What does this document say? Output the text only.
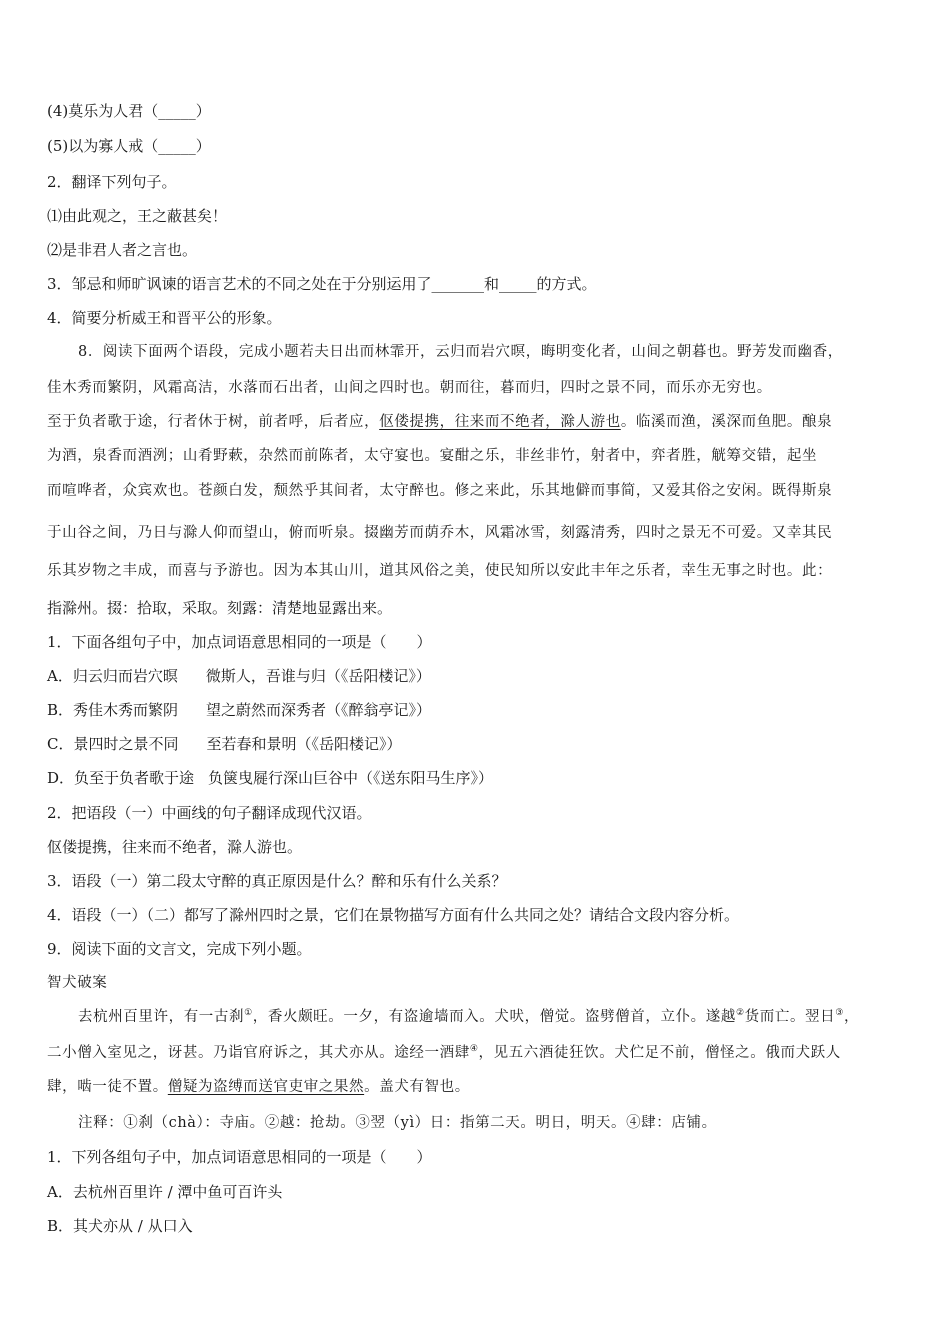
(4)莫乐为人君（_____）
(5)以为寡人戒（_____）
2．翻译下列句子。
⑴由此观之，王之蔽甚矣！
⑵是非君人者之言也。
3．邹忌和师旷讽谏的语言艺术的不同之处在于分别运用了_______和_____的方式。
4．简要分析威王和晋平公的形象。
8．阅读下面两个语段，完成小题若夫日出而林霏开，云归而岩穴暝，晦明变化者，山间之朝暮也。野芳发而幽香，
佳木秀而繁阴，风霜高洁，水落而石出者，山间之四时也。朝而往，暮而归，四时之景不同，而乐亦无穷也。
至于负者歌于途，行者休于树，前者呼，后者应，伛偻提携，往来而不绝者，滁人游也。临溪而渔，溪深而鱼肥。酿泉
为酒，泉香而酒洌；山肴野蔌，杂然而前陈者，太守宴也。宴酣之乐，非丝非竹，射者中，弈者胜，觥筹交错，起坐
而喧哗者，众宾欢也。苍颜白发，颓然乎其间者，太守醉也。修之来此，乐其地僻而事简，又爱其俗之安闲。既得斯泉
于山谷之间，乃日与滁人仰而望山，俯而听泉。掇幽芳而荫乔木，风霜冰雪，刻露清秀，四时之景无不可爱。又幸其民
乐其岁物之丰成，而喜与予游也。因为本其山川，道其风俗之美，使民知所以安此丰年之乐者，幸生无事之时也。此：
指滁州。掇：拾取，采取。刻露：清楚地显露出来。
1．下面各组句子中，加点词语意思相同的一项是（　　）
A．归云归而岩穴暝 微斯人，吾谁与归（《岳阳楼记》）
B．秀佳木秀而繁阴 望之蔚然而深秀者（《醉翁亭记》）
C．景四时之景不同 至若春和景明（《岳阳楼记》）
D．负至于负者歌于途 负箧曳屣行深山巨谷中（《送东阳马生序》）
2．把语段（一）中画线的句子翻译成现代汉语。
伛偻提携，往来而不绝者，滁人游也。
3．语段（一）第二段太守醉的真正原因是什么？醉和乐有什么关系？
4．语段（一）（二）都写了滁州四时之景，它们在景物描写方面有什么共同之处？请结合文段内容分析。
9．阅读下面的文言文，完成下列小题。
智犬破案
去杭州百里许，有一古刹①，香火颇旺。一夕，有盗逾墙而入。犬吠，僧觉。盗劈僧首，立仆。遂越②货而亡。翌日③，
二小僧入室见之，讶甚。乃诣官府诉之，其犬亦从。途经一酒肆④，见五六酒徒狂饮。犬伫足不前，僧怪之。俄而犬跃人
肆，啮一徒不置。僧疑为盗缚而送官吏审之果然。盖犬有智也。
注释：①刹（chà）：寺庙。②越：抢劫。③翌（yì）日：指第二天。明日，明天。④肆：店铺。
1．下列各组句子中，加点词语意思相同的一项是（　　）
A．去杭州百里许 / 潭中鱼可百许头
B．其犬亦从 / 从口入
